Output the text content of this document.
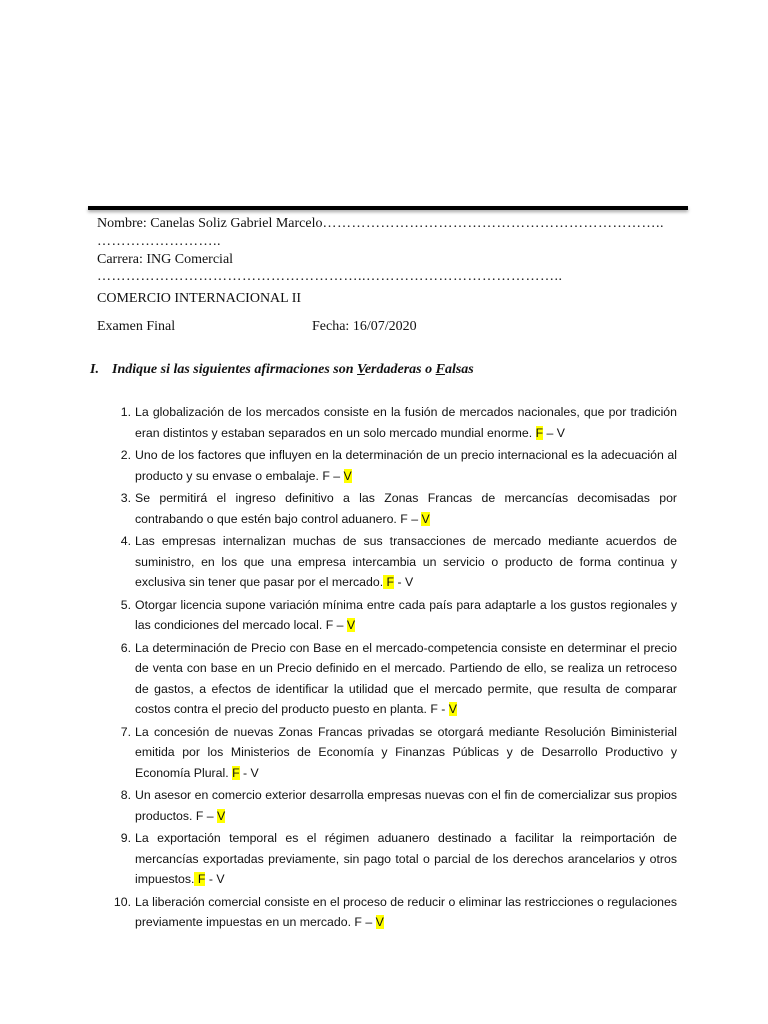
Nombre: Canelas Soliz Gabriel Marcelo……………………………………………………………..
……………………..
Carrera: ING Comercial
………………………………………………..…………………………………..
COMERCIO INTERNACIONAL II
Examen Final	Fecha: 16/07/2020
I. Indique si las siguientes afirmaciones son Verdaderas o Falsas
1. La globalización de los mercados consiste en la fusión de mercados nacionales, que por tradición eran distintos y estaban separados en un solo mercado mundial enorme. F – V
2. Uno de los factores que influyen en la determinación de un precio internacional es la adecuación al producto y su envase o embalaje. F – V
3. Se permitirá el ingreso definitivo a las Zonas Francas de mercancías decomisadas por contrabando o que estén bajo control aduanero. F – V
4. Las empresas internalizan muchas de sus transacciones de mercado mediante acuerdos de suministro, en los que una empresa intercambia un servicio o producto de forma continua y exclusiva sin tener que pasar por el mercado. F - V
5. Otorgar licencia supone variación mínima entre cada país para adaptarle a los gustos regionales y las condiciones del mercado local. F – V
6. La determinación de Precio con Base en el mercado-competencia consiste en determinar el precio de venta con base en un Precio definido en el mercado. Partiendo de ello, se realiza un retroceso de gastos, a efectos de identificar la utilidad que el mercado permite, que resulta de comparar costos contra el precio del producto puesto en planta. F - V
7. La concesión de nuevas Zonas Francas privadas se otorgará mediante Resolución Biministerial emitida por los Ministerios de Economía y Finanzas Públicas y de Desarrollo Productivo y Economía Plural. F - V
8. Un asesor en comercio exterior desarrolla empresas nuevas con el fin de comercializar sus propios productos. F – V
9. La exportación temporal es el régimen aduanero destinado a facilitar la reimportación de mercancías exportadas previamente, sin pago total o parcial de los derechos arancelarios y otros impuestos. F - V
10. La liberación comercial consiste en el proceso de reducir o eliminar las restricciones o regulaciones previamente impuestas en un mercado. F – V
